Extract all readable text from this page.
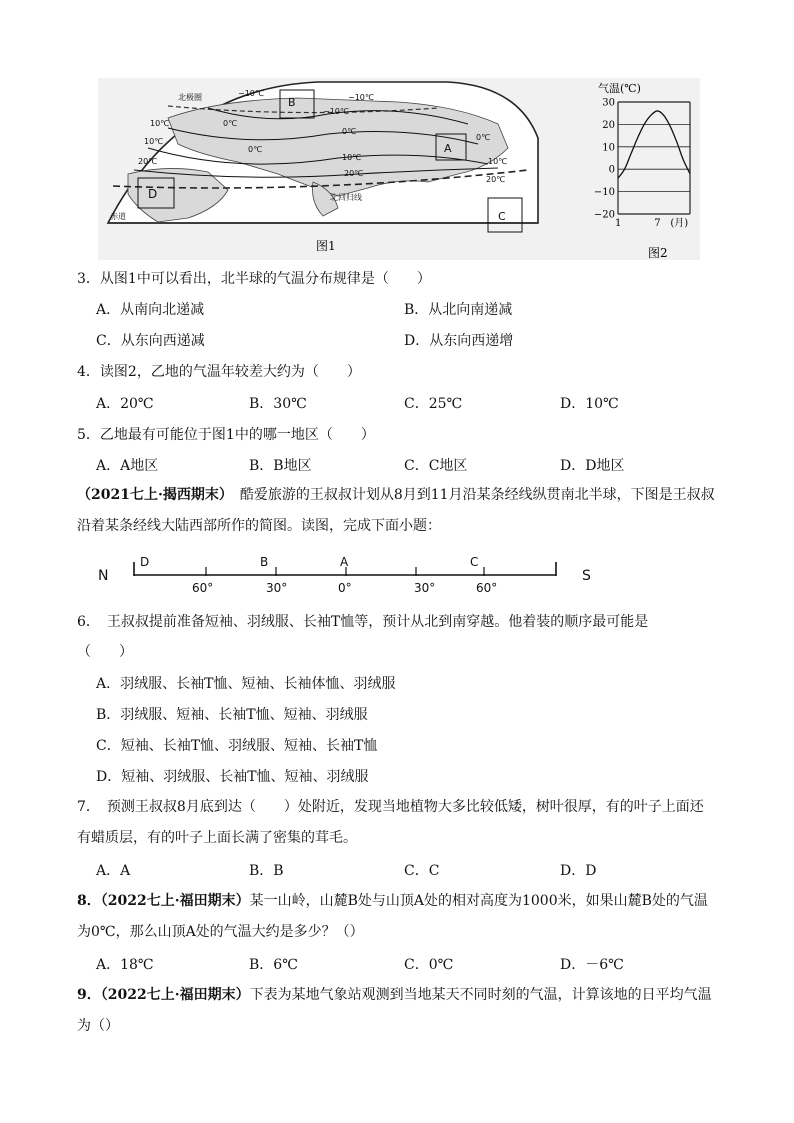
北极圈
赤道
北回归线
B
A
D
C
−10℃
−10℃
−10℃
10℃	0℃
0℃
0℃
0℃
10℃
10℃
20℃
20℃
20℃
10℃
图1
气温(℃)
30
20
10
0
−10
−20
1	7 (月)
图2
3．从图1中可以看出，北半球的气温分布规律是（　　）
A．从南向北递减	B．从北向南递减
C．从东向西递减	D．从东向西递增
4．读图2，乙地的气温年较差大约为（　　）
A．20℃	B．30℃	C．25℃	D．10℃
5．乙地最有可能位于图1中的哪一地区（　　）
A．A地区	B．B地区	C．C地区	D．D地区
（2021七上·揭西期末）　 酷爱旅游的王叔叔计划从8月到11月沿某条经线纵贯南北半球，下图是王叔叔沿着某条经线大陆西部所作的简图。读图，完成下面小题：
N	S
D	B	A	C
60°	30°	0°	30°	60°
6．　王叔叔提前准备短袖、羽绒服、长袖T恤等，预计从北到南穿越。他着装的顺序最可能是
（　　）
A．羽绒服、长袖T恤、短袖、长袖体恤、羽绒服
B．羽绒服、短袖、长袖T恤、短袖、羽绒服
C．短袖、长袖T恤、羽绒服、短袖、长袖T恤
D．短袖、羽绒服、长袖T恤、短袖、羽绒服
7．　预测王叔叔8月底到达（　　）处附近，发现当地植物大多比较低矮，树叶很厚，有的叶子上面还有蜡质层，有的叶子上面长满了密集的茸毛。
A．A	B．B	C．C	D．D
8．（2022七上·福田期末）某一山岭，山麓B处与山顶A处的相对高度为1000米，如果山麓B处的气温为0℃，那么山顶A处的气温大约是多少？（）
A．18℃	B．6℃	C．0℃	D．－6℃
9．（2022七上·福田期末）下表为某地气象站观测到当地某天不同时刻的气温，计算该地的日平均气温为（）
